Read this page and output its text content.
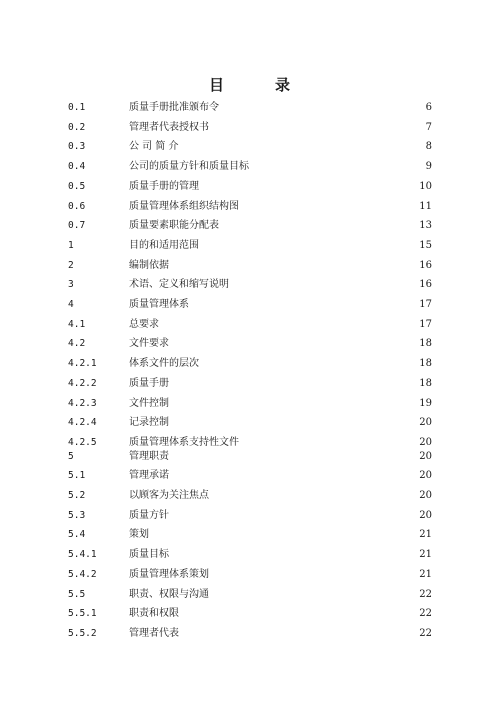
目	录
0.1	质量手册批准颁布令	6
0.2	管理者代表授权书	7
0.3	公 司 简 介	8
0.4	公司的质量方针和质量目标	9
0.5	质量手册的管理	10
0.6	质量管理体系组织结构图	11
0.7	质量要素职能分配表	13
1	目的和适用范围	15
2	编制依据	16
3	术语、定义和缩写说明	16
4	质量管理体系	17
4.1	总要求	17
4.2	文件要求	18
4.2.1	体系文件的层次	18
4.2.2	质量手册	18
4.2.3	文件控制	19
4.2.4	记录控制	20
4.2.5	质量管理体系支持性文件	20
5	管理职责	20
5.1	管理承诺	20
5.2	以顾客为关注焦点	20
5.3	质量方针	20
5.4	策划	21
5.4.1	质量目标	21
5.4.2	质量管理体系策划	21
5.5	职责、权限与沟通	22
5.5.1	职责和权限	22
5.5.2	管理者代表	22
